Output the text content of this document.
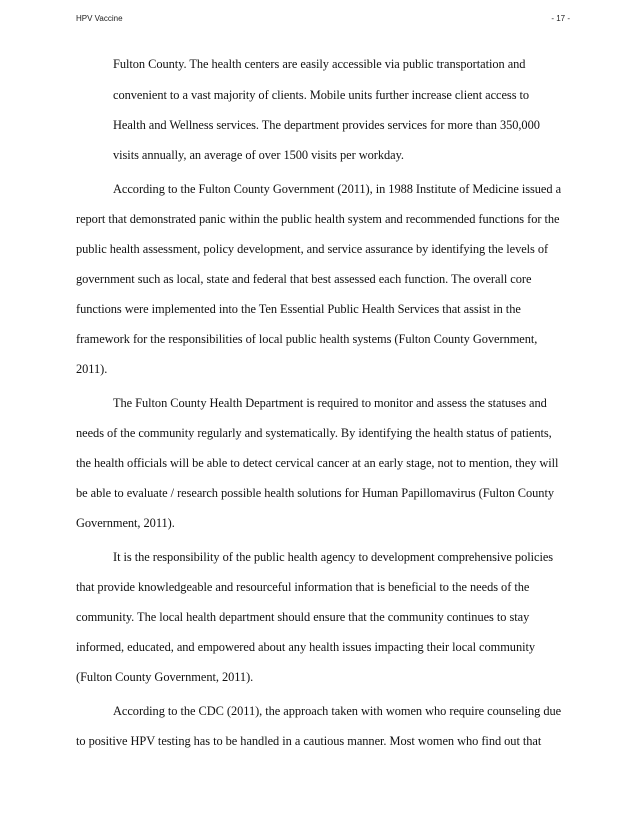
HPV Vaccine	- 17 -
Fulton County. The health centers are easily accessible via public transportation and
convenient to a vast majority of clients. Mobile units further increase client access to
Health and Wellness services. The department provides services for more than 350,000
visits annually, an average of over 1500 visits per workday.
According to the Fulton County Government (2011), in 1988 Institute of Medicine issued a
report that demonstrated panic within the public health system and recommended functions for the
public health assessment, policy development, and service assurance by identifying the levels of
government such as local, state and federal that best assessed each function. The overall core
functions were implemented into the Ten Essential Public Health Services that assist in the
framework for the responsibilities of local public health systems (Fulton County Government,
2011).
The Fulton County Health Department is required to monitor and assess the statuses and
needs of the community regularly and systematically. By identifying the health status of patients,
the health officials will be able to detect cervical cancer at an early stage, not to mention, they will
be able to evaluate / research possible health solutions for Human Papillomavirus (Fulton County
Government, 2011).
It is the responsibility of the public health agency to development comprehensive policies
that provide knowledgeable and resourceful information that is beneficial to the needs of the
community. The local health department should ensure that the community continues to stay
informed, educated, and empowered about any health issues impacting their local community
(Fulton County Government, 2011).
According to the CDC (2011), the approach taken with women who require counseling due
to positive HPV testing has to be handled in a cautious manner. Most women who find out that
